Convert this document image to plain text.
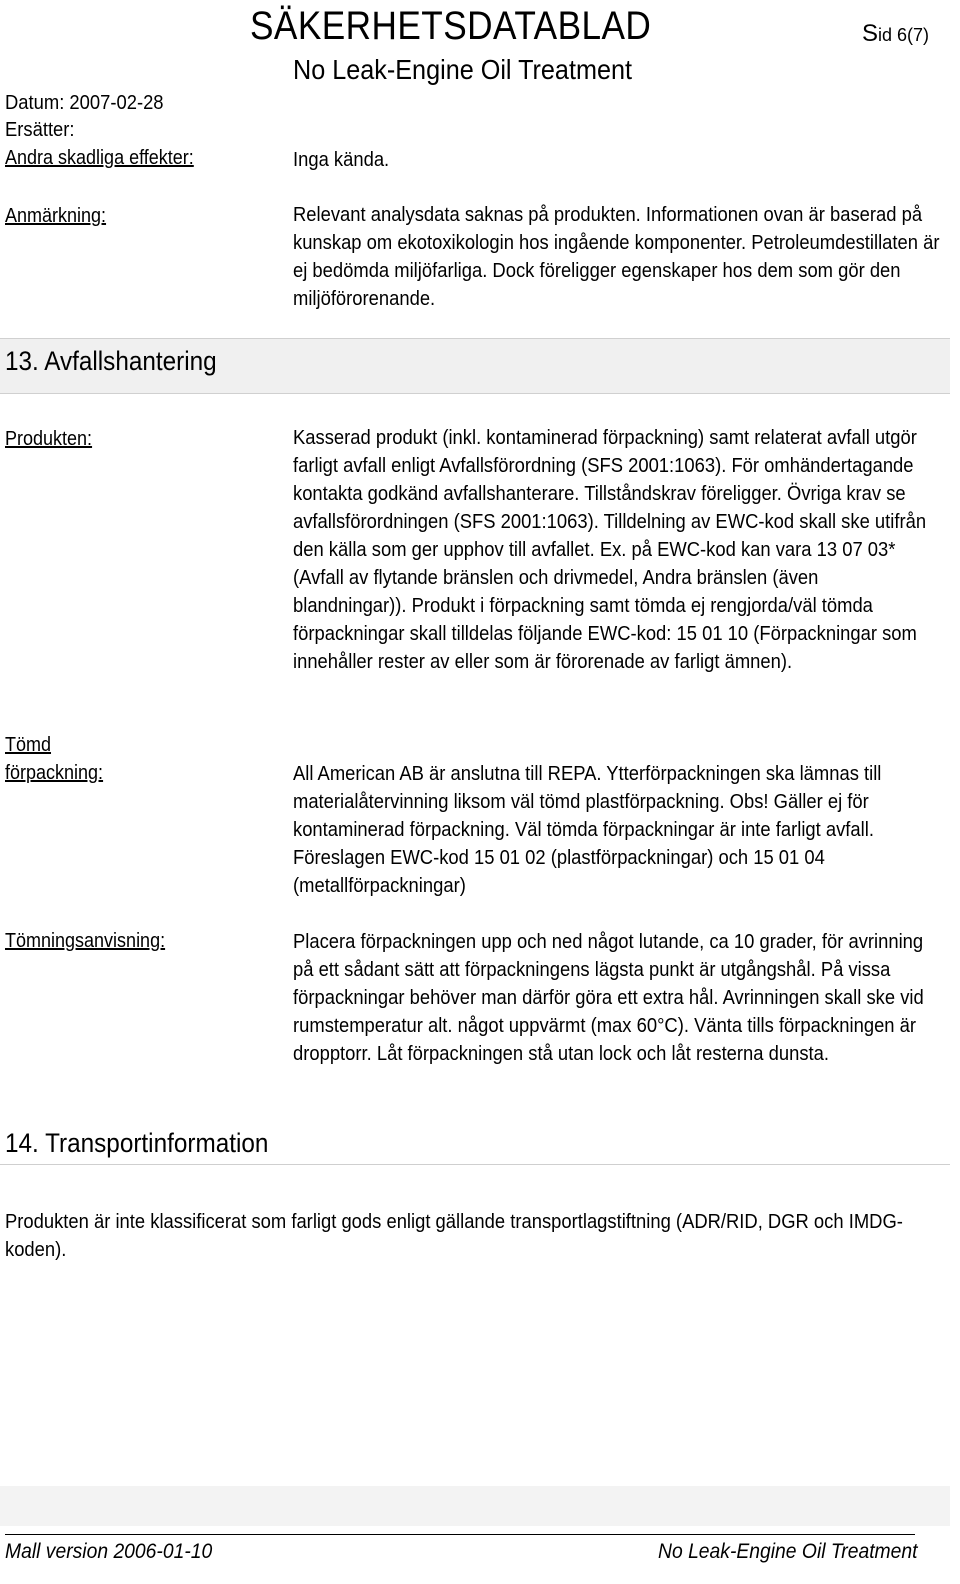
SÄKERHETSDATABLAD	Sid 6(7)
No Leak-Engine Oil Treatment
Datum: 2007-02-28
Ersätter:
Andra skadliga effekter:	Inga kända.
Anmärkning:	Relevant analysdata saknas på produkten. Informationen ovan är baserad på kunskap om ekotoxikologin hos ingående komponenter. Petroleumdestillaten är ej bedömda miljöfarliga. Dock föreligger egenskaper hos dem som gör den miljöförorenande.
13. Avfallshantering
Produkten:	Kasserad produkt (inkl. kontaminerad förpackning) samt relaterat avfall utgör farligt avfall enligt Avfallsförordning (SFS 2001:1063). För omhändertagande kontakta godkänd avfallshanterare. Tillståndskrav föreligger. Övriga krav se avfallsförordningen (SFS 2001:1063). Tilldelning av EWC-kod skall ske utifrån den källa som ger upphov till avfallet. Ex. på EWC-kod kan vara 13 07 03* (Avfall av flytande bränslen och drivmedel, Andra bränslen (även blandningar)). Produkt i förpackning samt tömda ej rengjorda/väl tömda förpackningar skall tilldelas följande EWC-kod: 15 01 10 (Förpackningar som innehåller rester av eller som är förorenade av farligt ämnen).
Tömd
förpackning:	All American AB är anslutna till REPA. Ytterförpackningen ska lämnas till materialåtervinning liksom väl tömd plastförpackning. Obs! Gäller ej för kontaminerad förpackning. Väl tömda förpackningar är inte farligt avfall. Föreslagen EWC-kod 15 01 02 (plastförpackningar) och 15 01 04 (metallförpackningar)
Tömningsanvisning:	Placera förpackningen upp och ned något lutande, ca 10 grader, för avrinning på ett sådant sätt att förpackningens lägsta punkt är utgångshål. På vissa förpackningar behöver man därför göra ett extra hål. Avrinningen skall ske vid rumstemperatur alt. något uppvärmt (max 60°C). Vänta tills förpackningen är dropptorr. Låt förpackningen stå utan lock och låt resterna dunsta.
14. Transportinformation
Produkten är inte klassificerat som farligt gods enligt gällande transportlagstiftning (ADR/RID, DGR och IMDG-koden).
Mall version 2006-01-10	No Leak-Engine Oil Treatment
